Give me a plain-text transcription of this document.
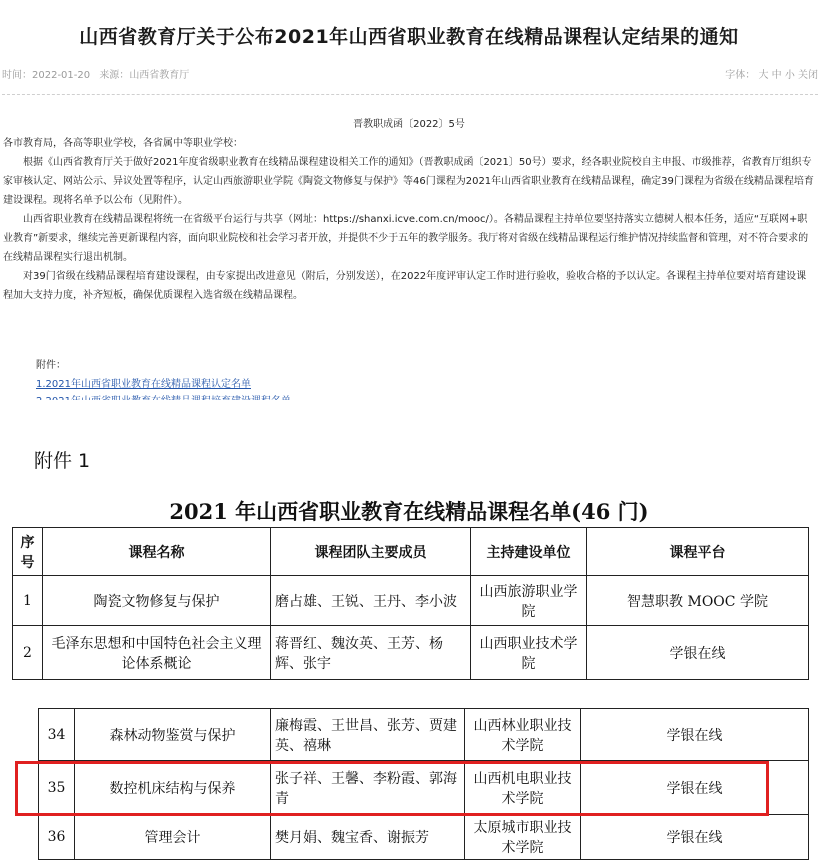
山西省教育厅关于公布2021年山西省职业教育在线精品课程认定结果的通知
时间：2022-01-20 来源：山西省教育厅	字体： 大 中 小 关闭
晋教职成函〔2022〕5号

各市教育局，各高等职业学校，各省属中等职业学校：

根据《山西省教育厅关于做好2021年度省级职业教育在线精品课程建设相关工作的通知》（晋教职成函〔2021〕50号）要求，经各职业院校自主申报、市级推荐，省教育厅组织专家审核认定、网站公示、异议处置等程序，认定山西旅游职业学院《陶瓷文物修复与保护》等46门课程为2021年山西省职业教育在线精品课程，确定39门课程为省级在线精品课程培育建设课程。现将名单予以公布（见附件）。

山西省职业教育在线精品课程将统一在省级平台运行与共享（网址：https://shanxi.icve.com.cn/mooc/）。各精品课程主持单位要坚持落实立德树人根本任务，适应“互联网+职业教育”新要求，继续完善更新课程内容，面向职业院校和社会学习者开放，并提供不少于五年的教学服务。我厅将对省级在线精品课程运行维护情况持续监督和管理，对不符合要求的在线精品课程实行退出机制。

对39门省级在线精品课程培育建设课程，由专家提出改进意见（附后，分别发送），在2022年度评审认定工作时进行验收，验收合格的予以认定。各课程主持单位要对培育建设课程加大支持力度，补齐短板，确保优质课程入选省级在线精品课程。

附件：
1.2021年山西省职业教育在线精品课程认定名单
附件 1
2021 年山西省职业教育在线精品课程名单(46 门)
序号	课程名称	课程团队主要成员	主持建设单位	课程平台
1	陶瓷文物修复与保护	磨占雄、王锐、王丹、李小波	山西旅游职业学院	智慧职教 MOOC 学院
2	毛泽东思想和中国特色社会主义理论体系概论	蒋晋红、魏汝英、王芳、杨辉、张宇	山西职业技术学院	学银在线
34	森林动物鉴赏与保护	廉梅霞、王世昌、张芳、贾建英、禧琳	山西林业职业技术学院	学银在线
35	数控机床结构与保养	张子祥、王馨、李粉霞、郭海青	山西机电职业技术学院	学银在线
36	管理会计	樊月娟、魏宝香、谢振芳	太原城市职业技术学院	学银在线
